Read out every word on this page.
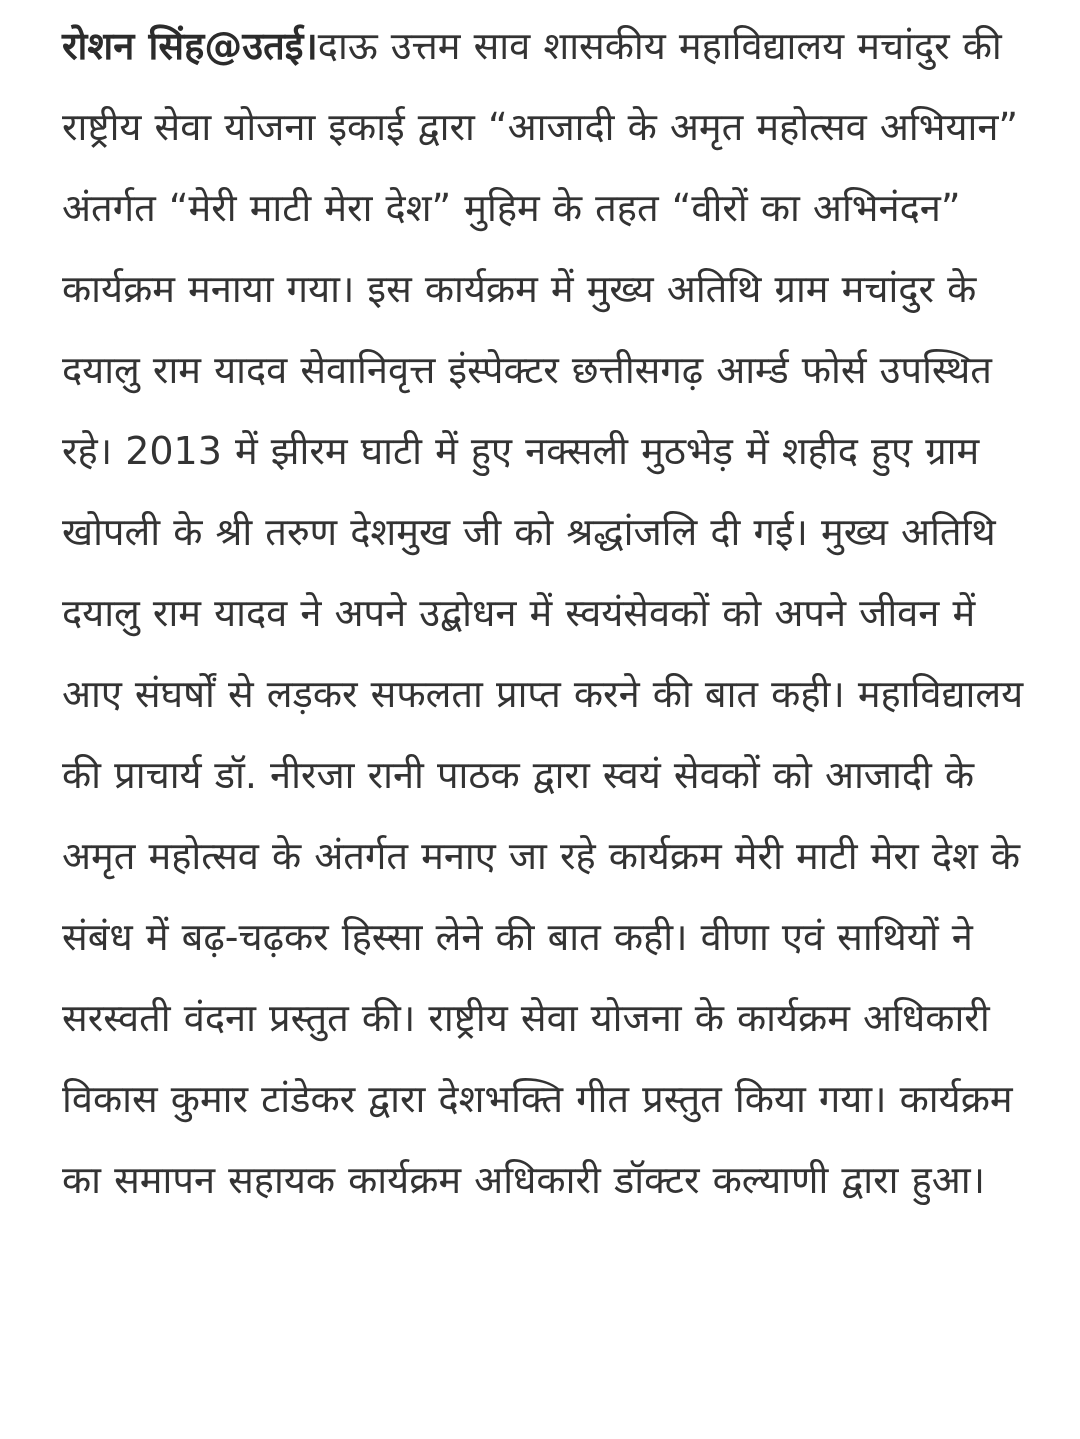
रोशन सिंह@उतई।दाऊ उत्तम साव शासकीय महाविद्यालय मचांदुर की राष्ट्रीय सेवा योजना इकाई द्वारा “आजादी के अमृत महोत्सव अभियान” अंतर्गत “मेरी माटी मेरा देश” मुहिम के तहत “वीरों का अभिनंदन” कार्यक्रम मनाया गया। इस कार्यक्रम में मुख्य अतिथि ग्राम मचांदुर के दयालु राम यादव सेवानिवृत्त इंस्पेक्टर छत्तीसगढ़ आर्म्ड फोर्स उपस्थित रहे। 2013 में झीरम घाटी में हुए नक्सली मुठभेड़ में शहीद हुए ग्राम खोपली के श्री तरुण देशमुख जी को श्रद्धांजलि दी गई। मुख्य अतिथि दयालु राम यादव ने अपने उद्बोधन में स्वयंसेवकों को अपने जीवन में आए संघर्षों से लड़कर सफलता प्राप्त करने की बात कही। महाविद्यालय की प्राचार्य डॉ. नीरजा रानी पाठक द्वारा स्वयं सेवकों को आजादी के अमृत महोत्सव के अंतर्गत मनाए जा रहे कार्यक्रम मेरी माटी मेरा देश के संबंध में बढ़-चढ़कर हिस्सा लेने की बात कही। वीणा एवं साथियों ने सरस्वती वंदना प्रस्तुत की। राष्ट्रीय सेवा योजना के कार्यक्रम अधिकारी विकास कुमार टांडेकर द्वारा देशभक्ति गीत प्रस्तुत किया गया। कार्यक्रम का समापन सहायक कार्यक्रम अधिकारी डॉक्टर कल्याणी द्वारा हुआ।
